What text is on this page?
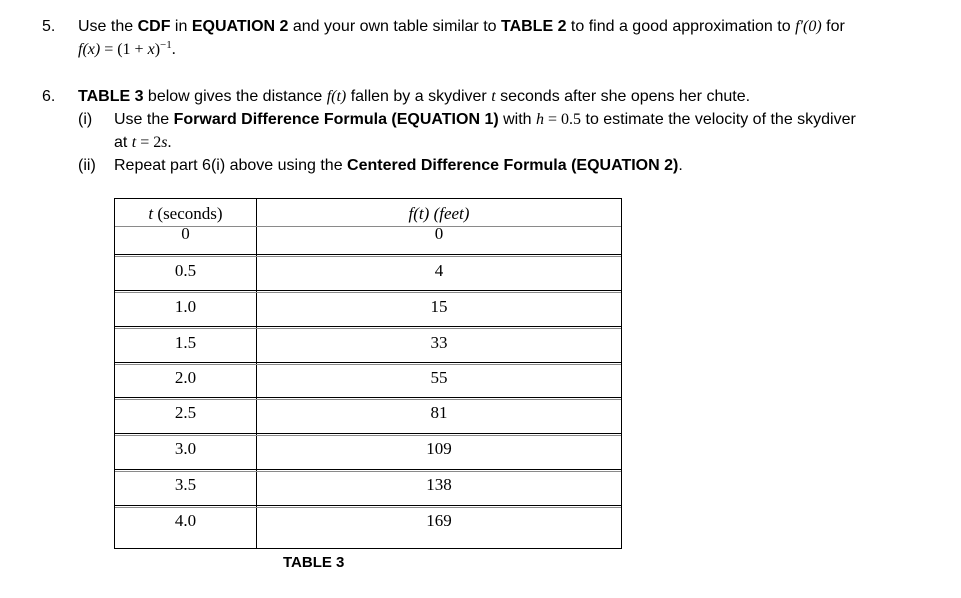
5. Use the CDF in EQUATION 2 and your own table similar to TABLE 2 to find a good approximation to f′(0) for
$f(x) = (1 + x)^{-1}$.
6. TABLE 3 below gives the distance f(t) fallen by a skydiver t seconds after she opens her chute.
(i) Use the Forward Difference Formula (EQUATION 1) with h = 0.5 to estimate the velocity of the skydiver
at t = 2s.
(ii) Repeat part 6(i) above using the Centered Difference Formula (EQUATION 2).
t (seconds)	f(t) (feet)
0	0
0.5	4
1.0	15
1.5	33
2.0	55
2.5	81
3.0	109
3.5	138
4.0	169
TABLE 3
